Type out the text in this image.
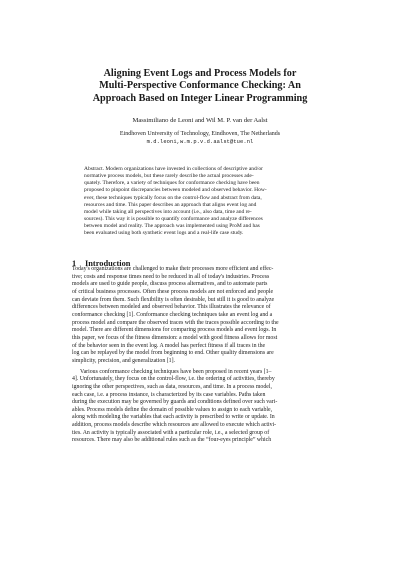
Aligning Event Logs and Process Models for
Multi-Perspective Conformance Checking: An
Approach Based on Integer Linear Programming
Massimiliano de Leoni and Wil M. P. van der Aalst
Eindhoven University of Technology, Eindhoven, The Netherlands
m.d.leoni,w.m.p.v.d.aalst@tue.nl
Abstract. Modern organizations have invested in collections of descriptive and/or
normative process models, but these rarely describe the actual processes ade-
quately. Therefore, a variety of techniques for conformance checking have been
proposed to pinpoint discrepancies between modeled and observed behavior. How-
ever, these techniques typically focus on the control-flow and abstract from data,
resources and time. This paper describes an approach that aligns event log and
model while taking all perspectives into account (i.e., also data, time and re-
sources). This way it is possible to quantify conformance and analyze differences
between model and reality. The approach was implemented using ProM and has
been evaluated using both synthetic event logs and a real-life case study.
1 Introduction
Today's organizations are challenged to make their processes more efficient and effec-
tive; costs and response times need to be reduced in all of today's industries. Process
models are used to guide people, discuss process alternatives, and to automate parts
of critical business processes. Often these process models are not enforced and people
can deviate from them. Such flexibility is often desirable, but still it is good to analyze
differences between modeled and observed behavior. This illustrates the relevance of
conformance checking [1]. Conformance checking techniques take an event log and a
process model and compare the observed traces with the traces possible according to the
model. There are different dimensions for comparing process models and event logs. In
this paper, we focus of the fitness dimension: a model with good fitness allows for most
of the behavior seen in the event log. A model has perfect fitness if all traces in the
log can be replayed by the model from beginning to end. Other quality dimensions are
simplicity, precision, and generalization [1].
Various conformance checking techniques have been proposed in recent years [1–
4]. Unfortunately, they focus on the control-flow, i.e. the ordering of activities, thereby
ignoring the other perspectives, such as data, resources, and time. In a process model,
each case, i.e. a process instance, is characterized by its case variables. Paths taken
during the execution may be governed by guards and conditions defined over such vari-
ables. Process models define the domain of possible values to assign to each variable,
along with modeling the variables that each activity is prescribed to write or update. In
addition, process models describe which resources are allowed to execute which activi-
ties. An activity is typically associated with a particular role, i.e., a selected group of
resources. There may also be additional rules such as the “four-eyes principle” which
